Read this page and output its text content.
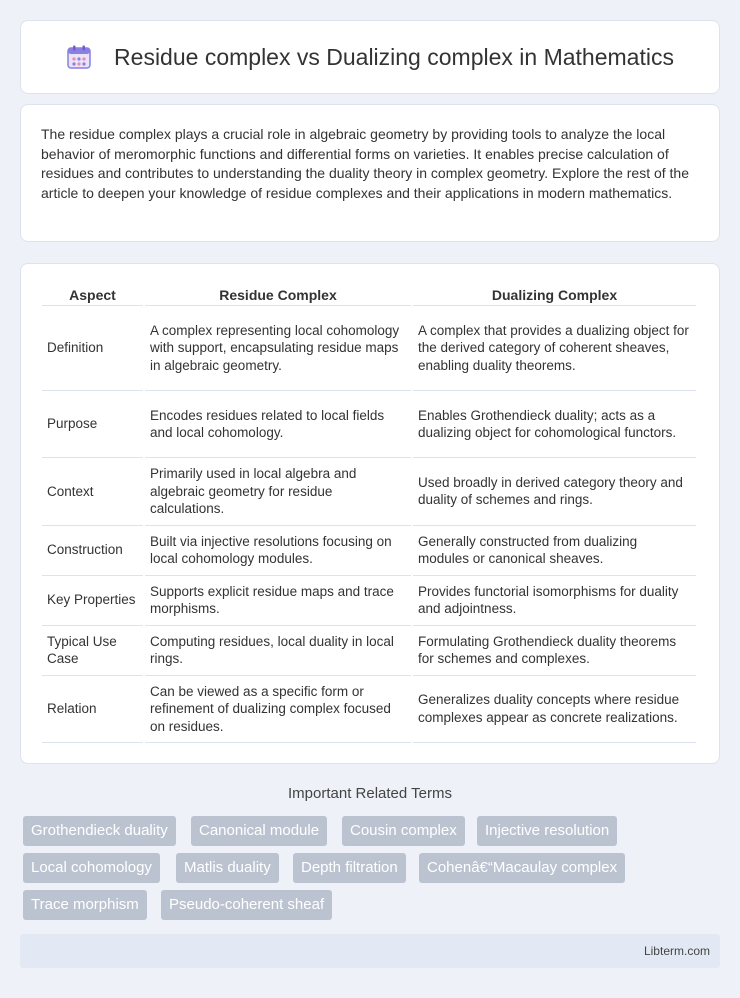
Residue complex vs Dualizing complex in Mathematics

The residue complex plays a crucial role in algebraic geometry by providing tools to analyze the local behavior of meromorphic functions and differential forms on varieties. It enables precise calculation of residues and contributes to understanding the duality theory in complex geometry. Explore the rest of the article to deepen your knowledge of residue complexes and their applications in modern mathematics.

Aspect	Residue Complex	Dualizing Complex
Definition	A complex representing local cohomology with support, encapsulating residue maps in algebraic geometry.	A complex that provides a dualizing object for the derived category of coherent sheaves, enabling duality theorems.
Purpose	Encodes residues related to local fields and local cohomology.	Enables Grothendieck duality; acts as a dualizing object for cohomological functors.
Context	Primarily used in local algebra and algebraic geometry for residue calculations.	Used broadly in derived category theory and duality of schemes and rings.
Construction	Built via injective resolutions focusing on local cohomology modules.	Generally constructed from dualizing modules or canonical sheaves.
Key Properties	Supports explicit residue maps and trace morphisms.	Provides functorial isomorphisms for duality and adjointness.
Typical Use Case	Computing residues, local duality in local rings.	Formulating Grothendieck duality theorems for schemes and complexes.
Relation	Can be viewed as a specific form or refinement of dualizing complex focused on residues.	Generalizes duality concepts where residue complexes appear as concrete realizations.
Important Related Terms
Grothendieck duality	Canonical module	Cousin complex	Injective resolution
Local cohomology	Matlis duality	Depth filtration	Cohenâ€“Macaulay complex
Trace morphism	Pseudo-coherent sheaf
Libterm.com
